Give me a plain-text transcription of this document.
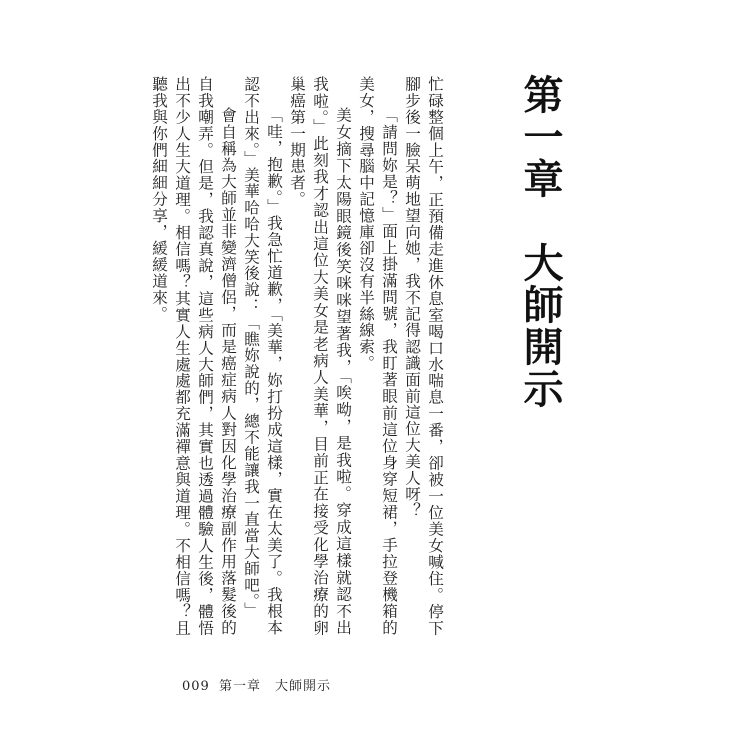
第一章　大師開示

忙碌整個上午，正預備走進休息室喝口水喘息一番，卻被一位美女喊住。停下腳步後一臉呆萌地望向她，我不記得認識面前這位大美人呀？

「請問妳是？」面上掛滿問號，我盯著眼前這位身穿短裙，手拉登機箱的美女，搜尋腦中記憶庫卻沒有半絲線索。

美女摘下太陽眼鏡後笑咪咪望著我，「唉呦，是我啦。穿成這樣就認不出我啦。」此刻我才認出這位大美女是老病人美華，目前正在接受化學治療的卵巢癌第一期患者。

「哇，抱歉。」我急忙道歉，「美華，妳打扮成這樣，實在太美了。我根本認不出來。」美華哈哈大笑後說：「瞧妳說的，總不能讓我一直當大師吧。」

會自稱為大師並非變濟僧侶，而是癌症病人對因化學治療副作用落髮後的自我嘲弄。但是，我認真說，這些病人大師們，其實也透過體驗人生後，體悟出不少人生大道理。相信嗎？其實人生處處都充滿禪意與道理。不相信嗎？且聽我與你們細細分享，緩緩道來。

009 第一章　大師開示
